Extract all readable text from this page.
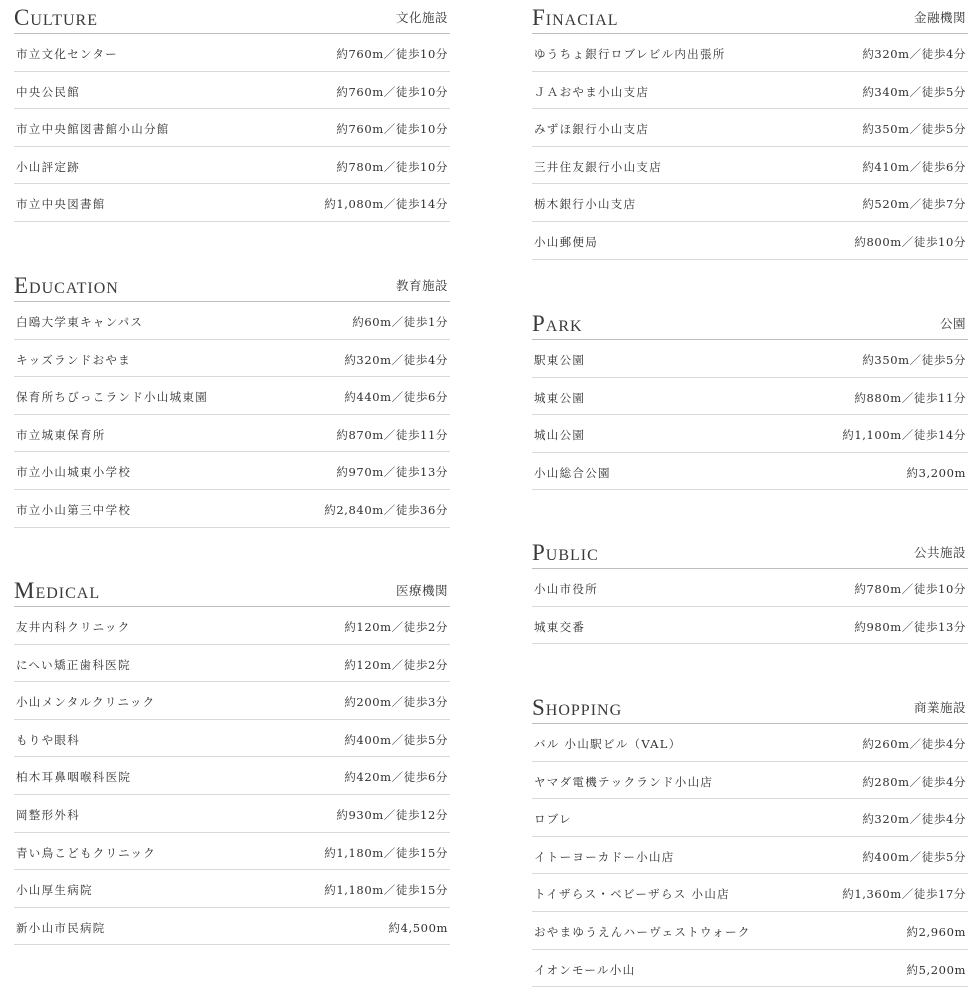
Culture	文化施設
市立文化センター	約760m／徒歩10分
中央公民館	約760m／徒歩10分
市立中央館図書館小山分館	約760m／徒歩10分
小山評定跡	約780m／徒歩10分
市立中央図書館	約1,080m／徒歩14分
Education	教育施設
白鴎大学東キャンパス	約60m／徒歩1分
キッズランドおやま	約320m／徒歩4分
保育所ちびっこランド小山城東園	約440m／徒歩6分
市立城東保育所	約870m／徒歩11分
市立小山城東小学校	約970m／徒歩13分
市立小山第三中学校	約2,840m／徒歩36分
Medical	医療機関
友井内科クリニック	約120m／徒歩2分
にへい矯正歯科医院	約120m／徒歩2分
小山メンタルクリニック	約200m／徒歩3分
もりや眼科	約400m／徒歩5分
柏木耳鼻咽喉科医院	約420m／徒歩6分
岡整形外科	約930m／徒歩12分
青い鳥こどもクリニック	約1,180m／徒歩15分
小山厚生病院	約1,180m／徒歩15分
新小山市民病院	約4,500m
Finacial	金融機関
ゆうちょ銀行ロブレビル内出張所	約320m／徒歩4分
ＪＡおやま小山支店	約340m／徒歩5分
みずほ銀行小山支店	約350m／徒歩5分
三井住友銀行小山支店	約410m／徒歩6分
栃木銀行小山支店	約520m／徒歩7分
小山郵便局	約800m／徒歩10分
Park	公園
駅東公園	約350m／徒歩5分
城東公園	約880m／徒歩11分
城山公園	約1,100m／徒歩14分
小山総合公園	約3,200m
Public	公共施設
小山市役所	約780m／徒歩10分
城東交番	約980m／徒歩13分
Shopping	商業施設
バル 小山駅ビル（VAL）	約260m／徒歩4分
ヤマダ電機テックランド小山店	約280m／徒歩4分
ロブレ	約320m／徒歩4分
イトーヨーカドー小山店	約400m／徒歩5分
トイザらス・ベビーザらス 小山店	約1,360m／徒歩17分
おやまゆうえんハーヴェストウォーク	約2,960m
イオンモール小山	約5,200m
